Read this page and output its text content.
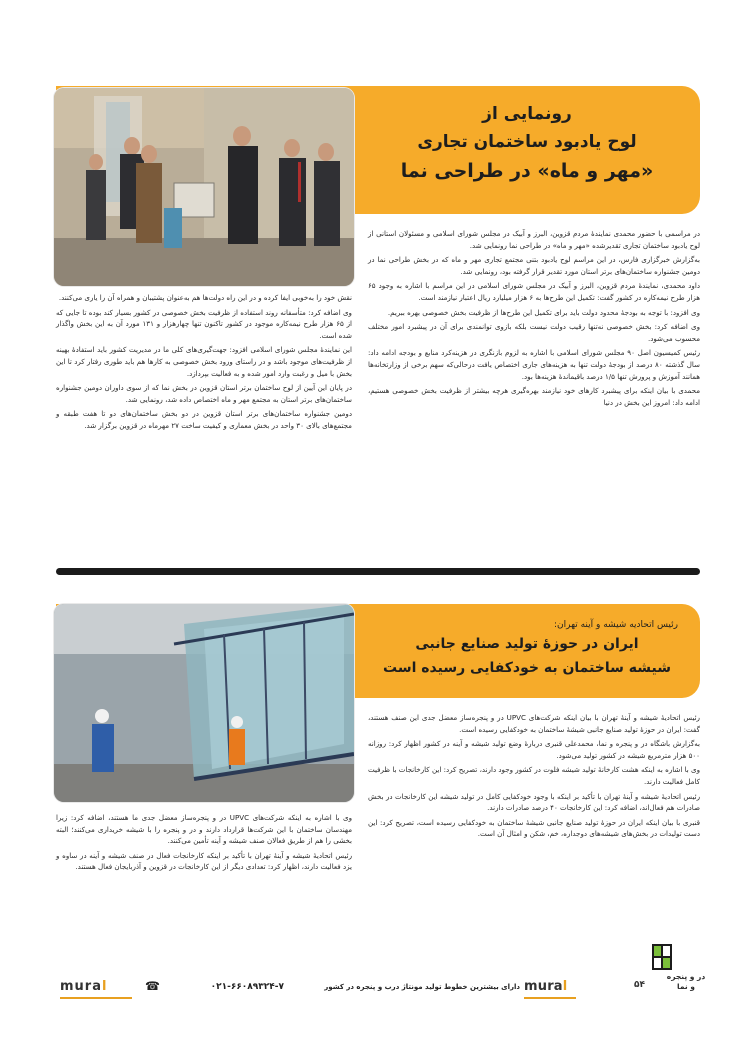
رونمایی از
لوح یادبود ساختمان تجاری
«مهر و ماه» در طراحی نما

در مراسمی با حضور محمدی نمایندهٔ مردم قزوین، البرز و آبیک در مجلس شورای اسلامی و مسئولان استانی از لوح یادبود ساختمان تجاری تقدیرشده «مهر و ماه» در طراحی نما رونمایی شد.

به‌گزارش خبرگزاری فارس، در این مراسم لوح یادبود بتنی مجتمع تجاری مهر و ماه که در بخش طراحی نما در دومین جشنواره ساختمان‌های برتر استان مورد تقدیر قرار گرفته بود، رونمایی شد.

داود محمدی، نمایندهٔ مردم قزوین، البرز و آبیک در مجلس شورای اسلامی در این مراسم با اشاره به وجود ۶۵ هزار طرح نیمه‌کاره در کشور گفت: تکمیل این طرح‌ها به ۶ هزار میلیارد ریال اعتبار نیازمند است.

وی افزود: با توجه به بودجهٔ محدود دولت باید برای تکمیل این طرح‌ها از ظرفیت بخش خصوصی بهره ببریم.

وی اضافه کرد: بخش خصوصی نه‌تنها رقیب دولت نیست بلکه بازوی توانمندی برای آن در پیشبرد امور مختلف محسوب می‌شود.

رئیس کمیسیون اصل ۹۰ مجلس شورای اسلامی با اشاره به لزوم بازنگری در هزینه‌کرد منابع و بودجه ادامه داد: سال گذشته ۸۰ درصد از بودجهٔ دولت تنها به هزینه‌های جاری اختصاص یافت درحالی‌که سهم برخی از وزارتخانه‌ها همانند آموزش و پرورش تنها ۱/۵ درصد باقیماندهٔ هزینه‌ها بود.

محمدی با بیان اینکه برای پیشبرد کارهای خود نیازمند بهره‌گیری هرچه بیشتر از ظرفیت بخش خصوصی هستیم، ادامه داد: امروز این بخش در دنیا

نقش خود را به‌خوبی ایفا کرده و در این راه دولت‌ها هم به‌عنوان پشتیبان و همراه آن را یاری می‌کنند.

وی اضافه کرد: متأسفانه روند استفاده از ظرفیت بخش خصوصی در کشور بسیار کند بوده تا جایی که از ۶۵ هزار طرح نیمه‌کاره موجود در کشور تاکنون تنها چهارهزار و ۱۳۱ مورد آن به این بخش واگذار شده است.

این نمایندهٔ مجلس شورای اسلامی افزود: جهت‌گیری‌های کلی ما در مدیریت کشور باید استفادهٔ بهینه از ظرفیت‌های موجود باشد و در راستای ورود بخش خصوصی به کارها هم باید طوری رفتار کرد تا این بخش با میل و رغبت وارد امور شده و به فعالیت بپردازد.

در پایان این آیین از لوح ساختمان برتر استان قزوین در بخش نما که از سوی داوران دومین جشنواره ساختمان‌های برتر استان به مجتمع مهر و ماه اختصاص داده شد، رونمایی شد.

دومین جشنواره ساختمان‌های برتر استان قزوین در دو بخش ساختمان‌های دو تا هفت طبقه و مجتمع‌های بالای ۳۰ واحد در بخش معماری و کیفیت ساخت ۲۷ مهرماه در قزوین برگزار شد.

رئیس اتحادیه شیشه و آینه تهران:
ایران در حوزهٔ تولید صنایع جانبی
شیشه ساختمان به خودکفایی رسیده است

رئیس اتحادیهٔ شیشه و آینهٔ تهران با بیان اینکه شرکت‌های UPVC در و پنجره‌ساز معضل جدی این صنف هستند، گفت: ایران در حوزهٔ تولید صنایع جانبی شیشهٔ ساختمان به خودکفایی رسیده است.

به‌گزارش باشگاه در و پنجره و نما، محمدعلی قنبری دربارهٔ وضع تولید شیشه و آینه در کشور اظهار کرد: روزانه ۵۰۰ هزار مترمربع شیشه در کشور تولید می‌شود.

وی با اشاره به اینکه هشت کارخانهٔ تولید شیشه فلوت در کشور وجود دارند، تصریح کرد: این کارخانجات با ظرفیت کامل فعالیت دارند.

رئیس اتحادیهٔ شیشه و آینهٔ تهران با تأکید بر اینکه با وجود خودکفایی کامل در تولید شیشه این کارخانجات در بخش صادرات هم فعال‌اند، اضافه کرد: این کارخانجات ۴۰ درصد صادرات دارند.

قنبری با بیان اینکه ایران در حوزهٔ تولید صنایع جانبی شیشهٔ ساختمان به خودکفایی رسیده است، تصریح کرد: این دست تولیدات در بخش‌های شیشه‌های دوجداره، خم، شکن و امثال آن است.

وی با اشاره به اینکه شرکت‌های UPVC در و پنجره‌ساز معضل جدی ما هستند، اضافه کرد: زیرا مهندسان ساختمان با این شرکت‌ها قرارداد دارند و در و پنجره را با شیشه خریداری می‌کنند؛ البته بخشی را هم از طریق فعالان صنف شیشه و آینه تأمین می‌کنند.

رئیس اتحادیهٔ شیشه و آینهٔ تهران با تأکید بر اینکه کارخانجات فعال در صنف شیشه و آینه در ساوه و یزد فعالیت دارند، اظهار کرد: تعدادی دیگر از این کارخانجات در قزوین و آذربایجان فعال هستند.

در و پنجره و نما
۵۴
mural
دارای بیشترین خطوط تولید مونتاژ درب و پنجره در کشور
۰۲۱-۶۶۰۸۹۳۲۴-۷
☎
mural
